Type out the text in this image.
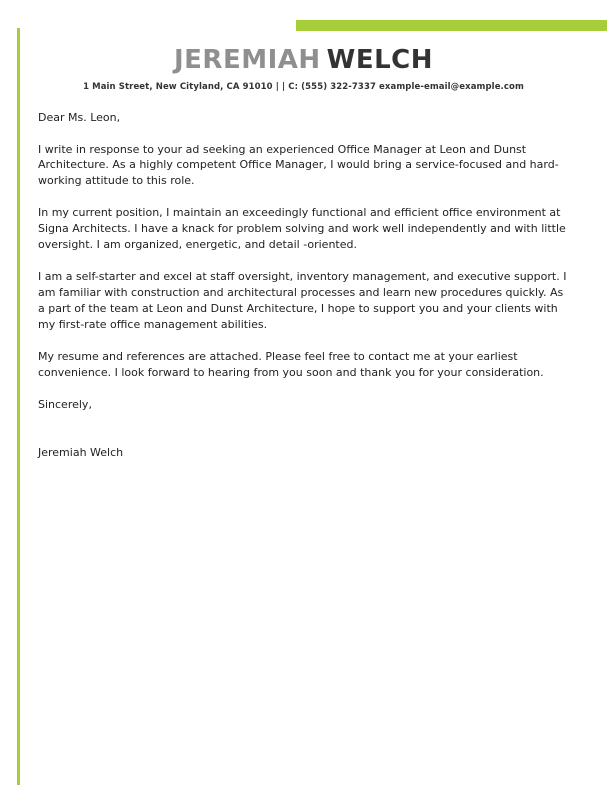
JEREMIAH WELCH
1 Main Street, New Cityland, CA 91010 | | C: (555) 322-7337 example-email@example.com

Dear Ms. Leon,

I write in response to your ad seeking an experienced Office Manager at Leon and Dunst Architecture. As a highly competent Office Manager, I would bring a service-focused and hard-working attitude to this role.

In my current position, I maintain an exceedingly functional and efficient office environment at Signa Architects. I have a knack for problem solving and work well independently and with little oversight. I am organized, energetic, and detail -oriented.

I am a self-starter and excel at staff oversight, inventory management, and executive support. I am familiar with construction and architectural processes and learn new procedures quickly. As a part of the team at Leon and Dunst Architecture, I hope to support you and your clients with my first-rate office management abilities.

My resume and references are attached. Please feel free to contact me at your earliest convenience. I look forward to hearing from you soon and thank you for your consideration.

Sincerely,

Jeremiah Welch
